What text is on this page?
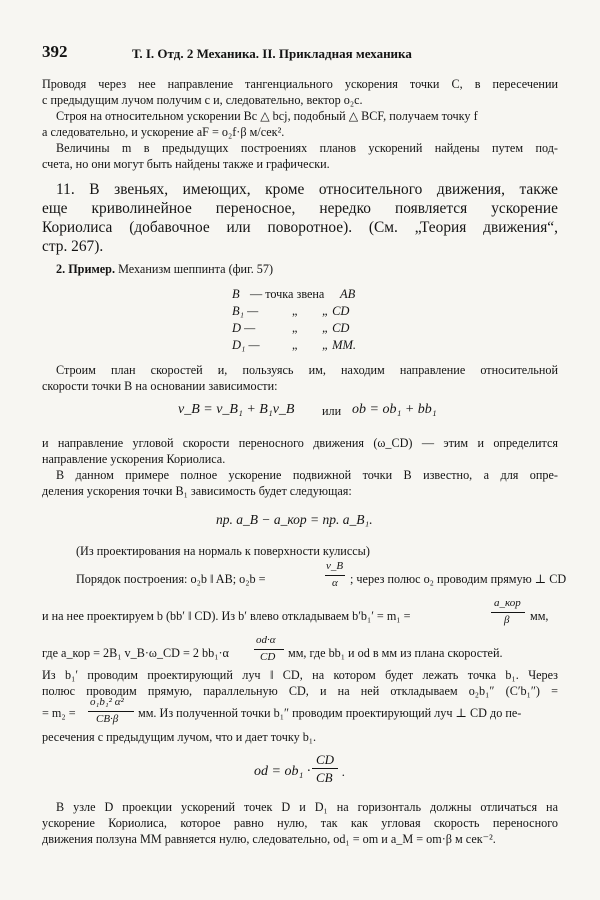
392	Т. I. Отд. 2 Механика. II. Прикладная механика
Проводя через нее направление тангенциального ускорения точки C, в пересечении
с предыдущим лучом получим c и, следовательно, вектор o₂c.
Строя на относительном ускорении Bc △ bcj, подобный △ BCF, получаем точку f
а следовательно, и ускорение aF = o₂f·β м/сек².
Величины m в предыдущих построениях планов ускорений найдены путем под-
счета, но они могут быть найдены также и графически.
11. В звеньях, имеющих, кроме относительного движения, также
еще криволинейное переносное, нередко появляется ускорение
Кориолиса (добавочное или поворотное). (См. „Теория движения“,
стр. 267).
2. Пример. Механизм шеппинта (фиг. 57)
B — точка звена AB
B₁ —	„ „ CD
D —	„ „ CD
D₁ —	„ „ MM.
Строим план скоростей и, пользуясь им, находим направление относительной
скорости точки B на основании зависимости:
v_B = v_B₁ + B₁v_B или ob = ob₁ + bb₁
и направление угловой скорости переносного движения (ω_CD) — этим и определится
направление ускорения Кориолиса.
В данном примере полное ускорение подвижной точки B известно, а для опре-
деления ускорения точки B₁ зависимость будет следующая:
пр. a_B − a_кор = пр. a_B₁.
(Из проектирования на нормаль к поверхности кулиссы)
Порядок построения: o₂b ‖ AB; o₂b =
v_B
α ; через полюс o₂ проводим прямую ⊥ CD
и на нее проектируем b (bb′ ‖ CD). Из b′ влево откладываем b′b₁′ = m₁ =
a_кор
β мм,
где a_кор = 2B₁ v_B·ω_CD = 2 bb₁·α
od·α
CD мм, где bb₁ и od в мм из плана скоростей.
Из b₁′ проводим проектирующий луч ‖ CD, на котором будет лежать точка b₁. Через
полюс проводим прямую, параллельную CD, и на ней откладываем o₂b₁″ (C′b₁″) =
= m₂ =
o₁b₁² α²
CB·β мм. Из полученной точки b₁″ проводим проектирующий луч ⊥ CD до пе-
ресечения с предыдущим лучом, что и дает точку b₁.
od = ob₁ ·
CD
CB .
В узле D проекции ускорений точек D и D₁ на горизонталь должны отличаться на
ускорение Кориолиса, которое равно нулю, так как угловая скорость переносного
движения ползуна MM равняется нулю, следовательно, od₁ = om и a_M = om·β м сек⁻².
